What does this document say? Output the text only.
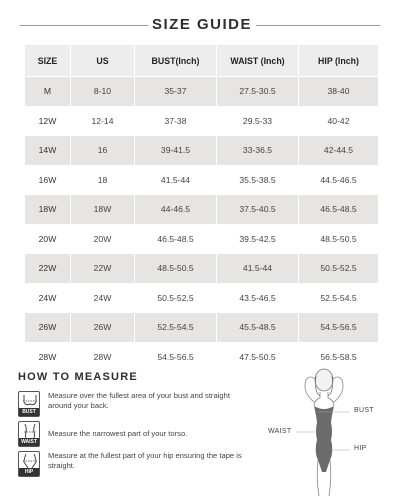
SIZE GUIDE
SIZE	US	BUST(Inch)	WAIST (Inch)	HIP (Inch)
M	8-10	35-37	27.5-30.5	38-40
12W	12-14	37-38	29.5-33	40-42
14W	16	39-41.5	33-36.5	42-44.5
16W	18	41.5-44	35.5-38.5	44.5-46.5
18W	18W	44-46.5	37.5-40.5	46.5-48.5
20W	20W	46.5-48.5	39.5-42.5	48.5-50.5
22W	22W	48.5-50.5	41.5-44	50.5-52.5
24W	24W	50.5-52.5	43.5-46.5	52.5-54.5
26W	26W	52.5-54.5	45.5-48.5	54.5-56.5
28W	28W	54.5-56.5	47.5-50.5	56.5-58.5
HOW TO MEASURE
BUST
Measure over the fullest area of your bust and straight around your back.
WAIST
Measure the narrowest part of your torso.
HIP
Measure at the fullest part of your hip ensuring the tape is straight.
BUST
WAIST
HIP
